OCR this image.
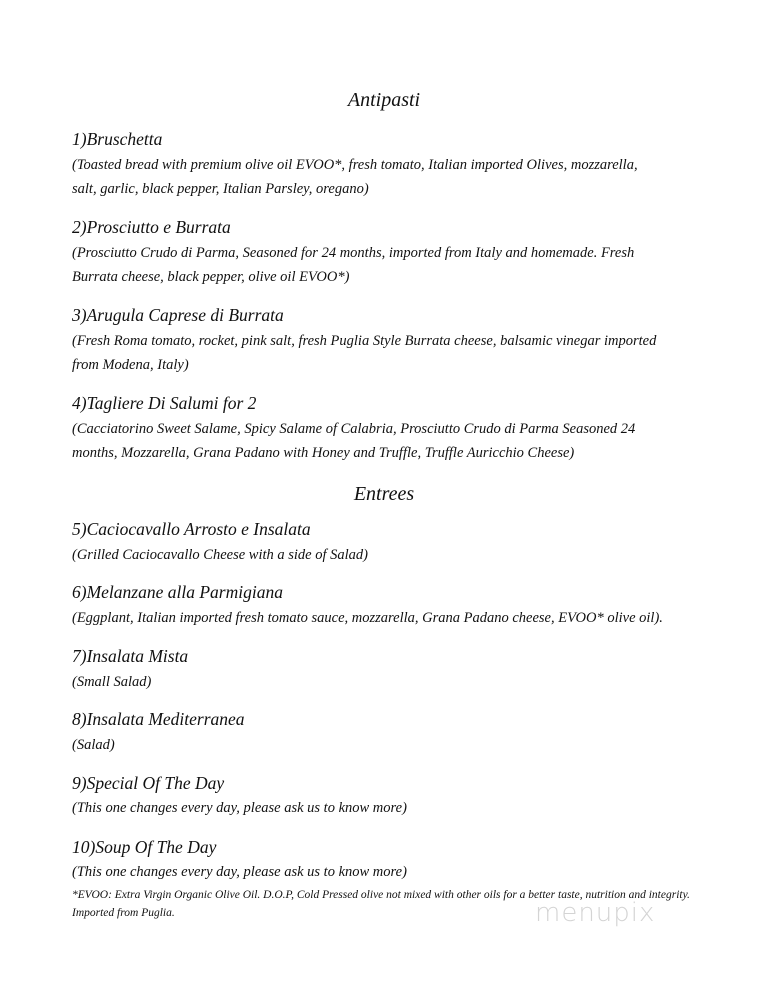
Antipasti
1)Bruschetta
(Toasted bread with premium olive oil EVOO*, fresh tomato, Italian imported Olives, mozzarella,
salt, garlic, black pepper, Italian Parsley, oregano)
2)Prosciutto e Burrata
(Prosciutto Crudo di Parma, Seasoned for 24 months, imported from Italy and homemade. Fresh
Burrata cheese, black pepper, olive oil EVOO*)
3)Arugula Caprese di Burrata
(Fresh Roma tomato, rocket, pink salt, fresh Puglia Style Burrata cheese, balsamic vinegar imported
from Modena, Italy)
4)Tagliere Di Salumi for 2
(Cacciatorino Sweet Salame, Spicy Salame of Calabria, Prosciutto Crudo di Parma Seasoned 24
months, Mozzarella, Grana Padano with Honey and Truffle, Truffle Auricchio Cheese)
Entrees
5)Caciocavallo Arrosto e Insalata
(Grilled Caciocavallo Cheese with a side of Salad)
6)Melanzane alla Parmigiana
(Eggplant, Italian imported fresh tomato sauce, mozzarella, Grana Padano cheese, EVOO* olive oil).
7)Insalata Mista
(Small Salad)
8)Insalata Mediterranea
(Salad)
9)Special Of The Day
(This one changes every day, please ask us to know more)
10)Soup Of The Day
(This one changes every day, please ask us to know more)
*EVOO: Extra Virgin Organic Olive Oil. D.O.P, Cold Pressed olive not mixed with other oils for a better taste, nutrition and integrity.
Imported from Puglia.	menupix
